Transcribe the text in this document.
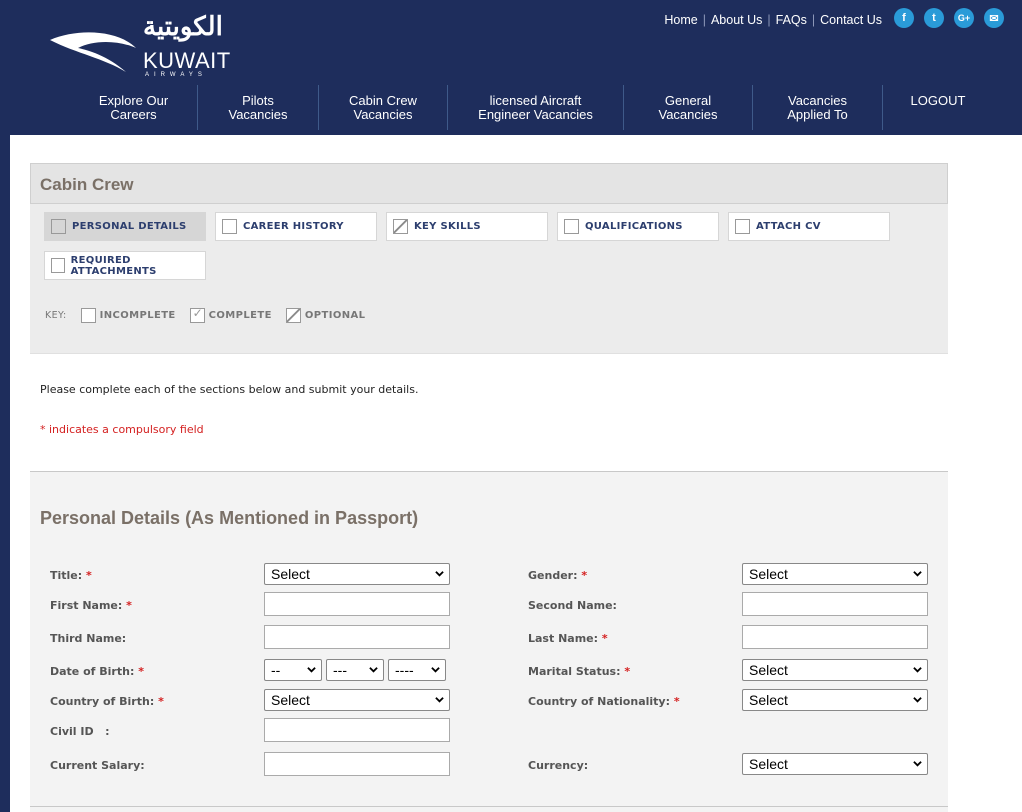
الكويتية
KUWAIT
AIRWAYS
Home | About Us | FAQs | Contact Us	f	t	G+	✉
Explore Our
Careers
Pilots
Vacancies
Cabin Crew
Vacancies
licensed Aircraft
Engineer Vacancies
General
Vacancies
Vacancies
Applied To
LOGOUT
Cabin Crew
PERSONAL DETAILS	CAREER HISTORY	KEY SKILLS	QUALIFICATIONS	ATTACH CV
REQUIRED ATTACHMENTS
KEY:	INCOMPLETE
✓	COMPLETE	OPTIONAL
Please complete each of the sections below and submit your details.
* indicates a compulsory field
Personal Details (As Mentioned in Passport)
Title: *	Select	Gender: *	Select
First Name: *	Second Name:
Third Name:	Last Name: *
Date of Birth: *	--	---	----	Marital Status: *	Select
Country of Birth: *	Select	Country of Nationality: *	Select
Civil ID   :
Current Salary:	Currency:	Select
